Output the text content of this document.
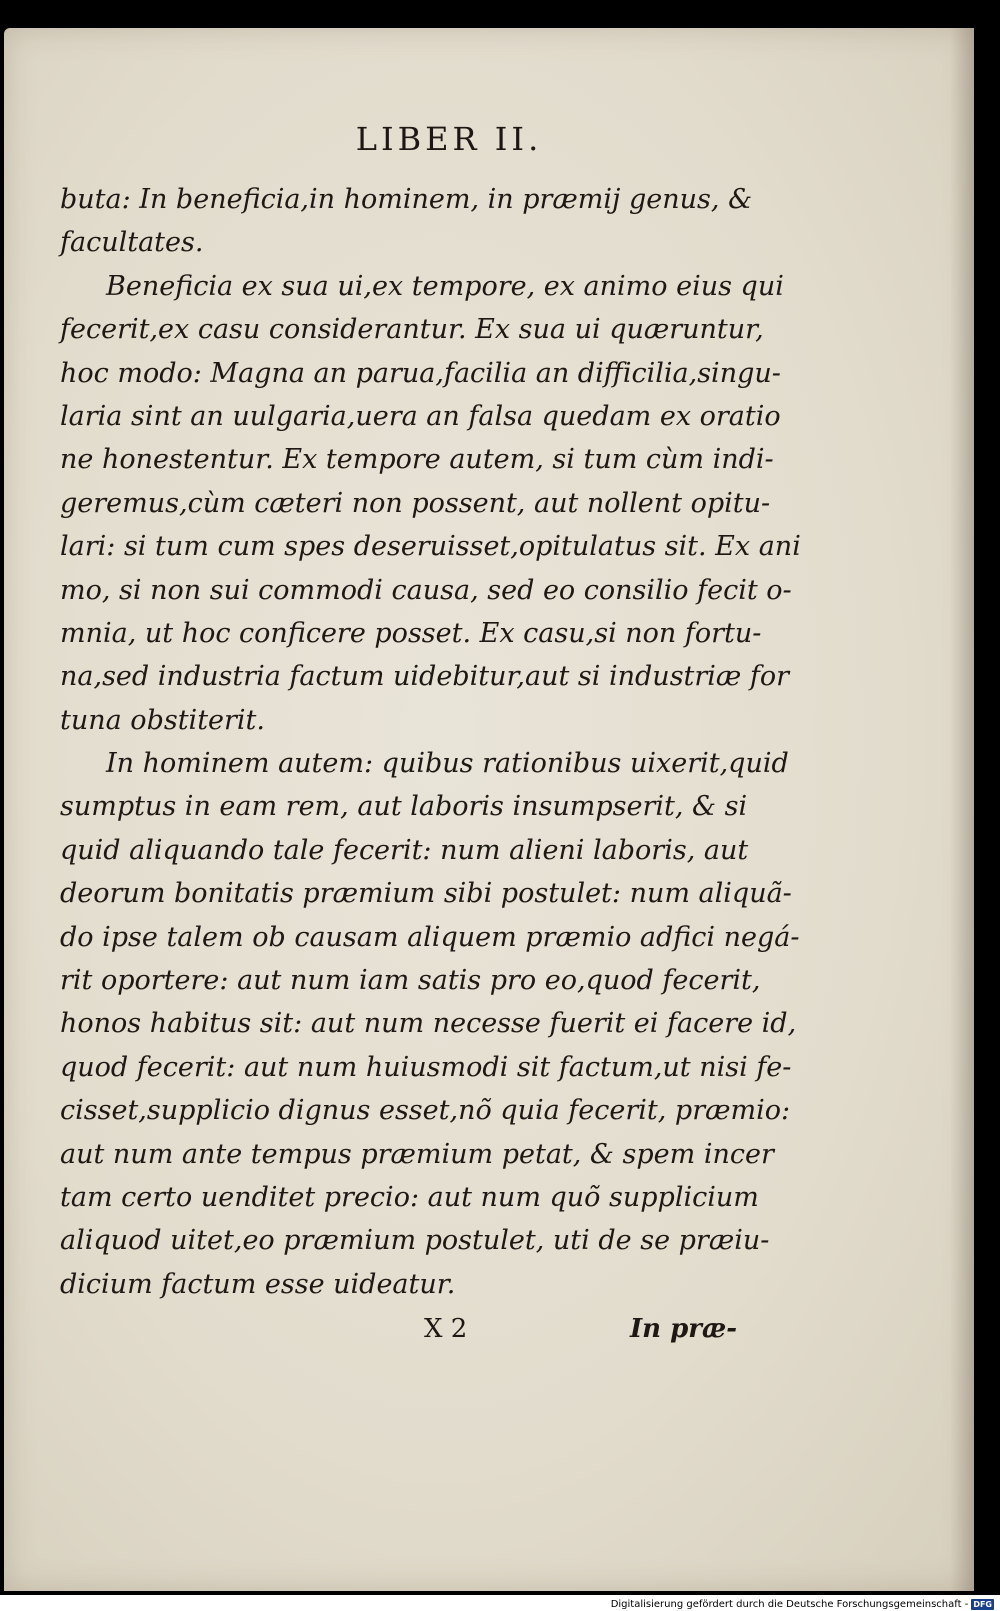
LIBER II.
buta: In beneficia,in hominem, in præmij genus, &
facultates.
Beneficia ex sua ui,ex tempore, ex animo eius qui
fecerit,ex casu considerantur. Ex sua ui quæruntur,
hoc modo: Magna an parua,facilia an difficilia,singu-
laria sint an uulgaria,uera an falsa quedam ex oratio
ne honestentur. Ex tempore autem, si tum cùm indi-
geremus,cùm cæteri non possent, aut nollent opitu-
lari: si tum cum spes deseruisset,opitulatus sit. Ex ani
mo, si non sui commodi causa, sed eo consilio fecit o-
mnia, ut hoc conficere posset. Ex casu,si non fortu-
na,sed industria factum uidebitur,aut si industriæ for
tuna obstiterit.
In hominem autem: quibus rationibus uixerit,quid
sumptus in eam rem, aut laboris insumpserit, & si
quid aliquando tale fecerit: num alieni laboris, aut
deorum bonitatis præmium sibi postulet: num aliquã-
do ipse talem ob causam aliquem præmio adfici negá-
rit oportere: aut num iam satis pro eo,quod fecerit,
honos habitus sit: aut num necesse fuerit ei facere id,
quod fecerit: aut num huiusmodi sit factum,ut nisi fe-
cisset,supplicio dignus esset,nõ quia fecerit, præmio:
aut num ante tempus præmium petat, & spem incer
tam certo uenditet precio: aut num quõ supplicium
aliquod uitet,eo præmium postulet, uti de se præiu-
dicium factum esse uideatur.
X 2	In præ-
Digitalisierung gefördert durch die Deutsche Forschungsgemeinschaft - DFG
